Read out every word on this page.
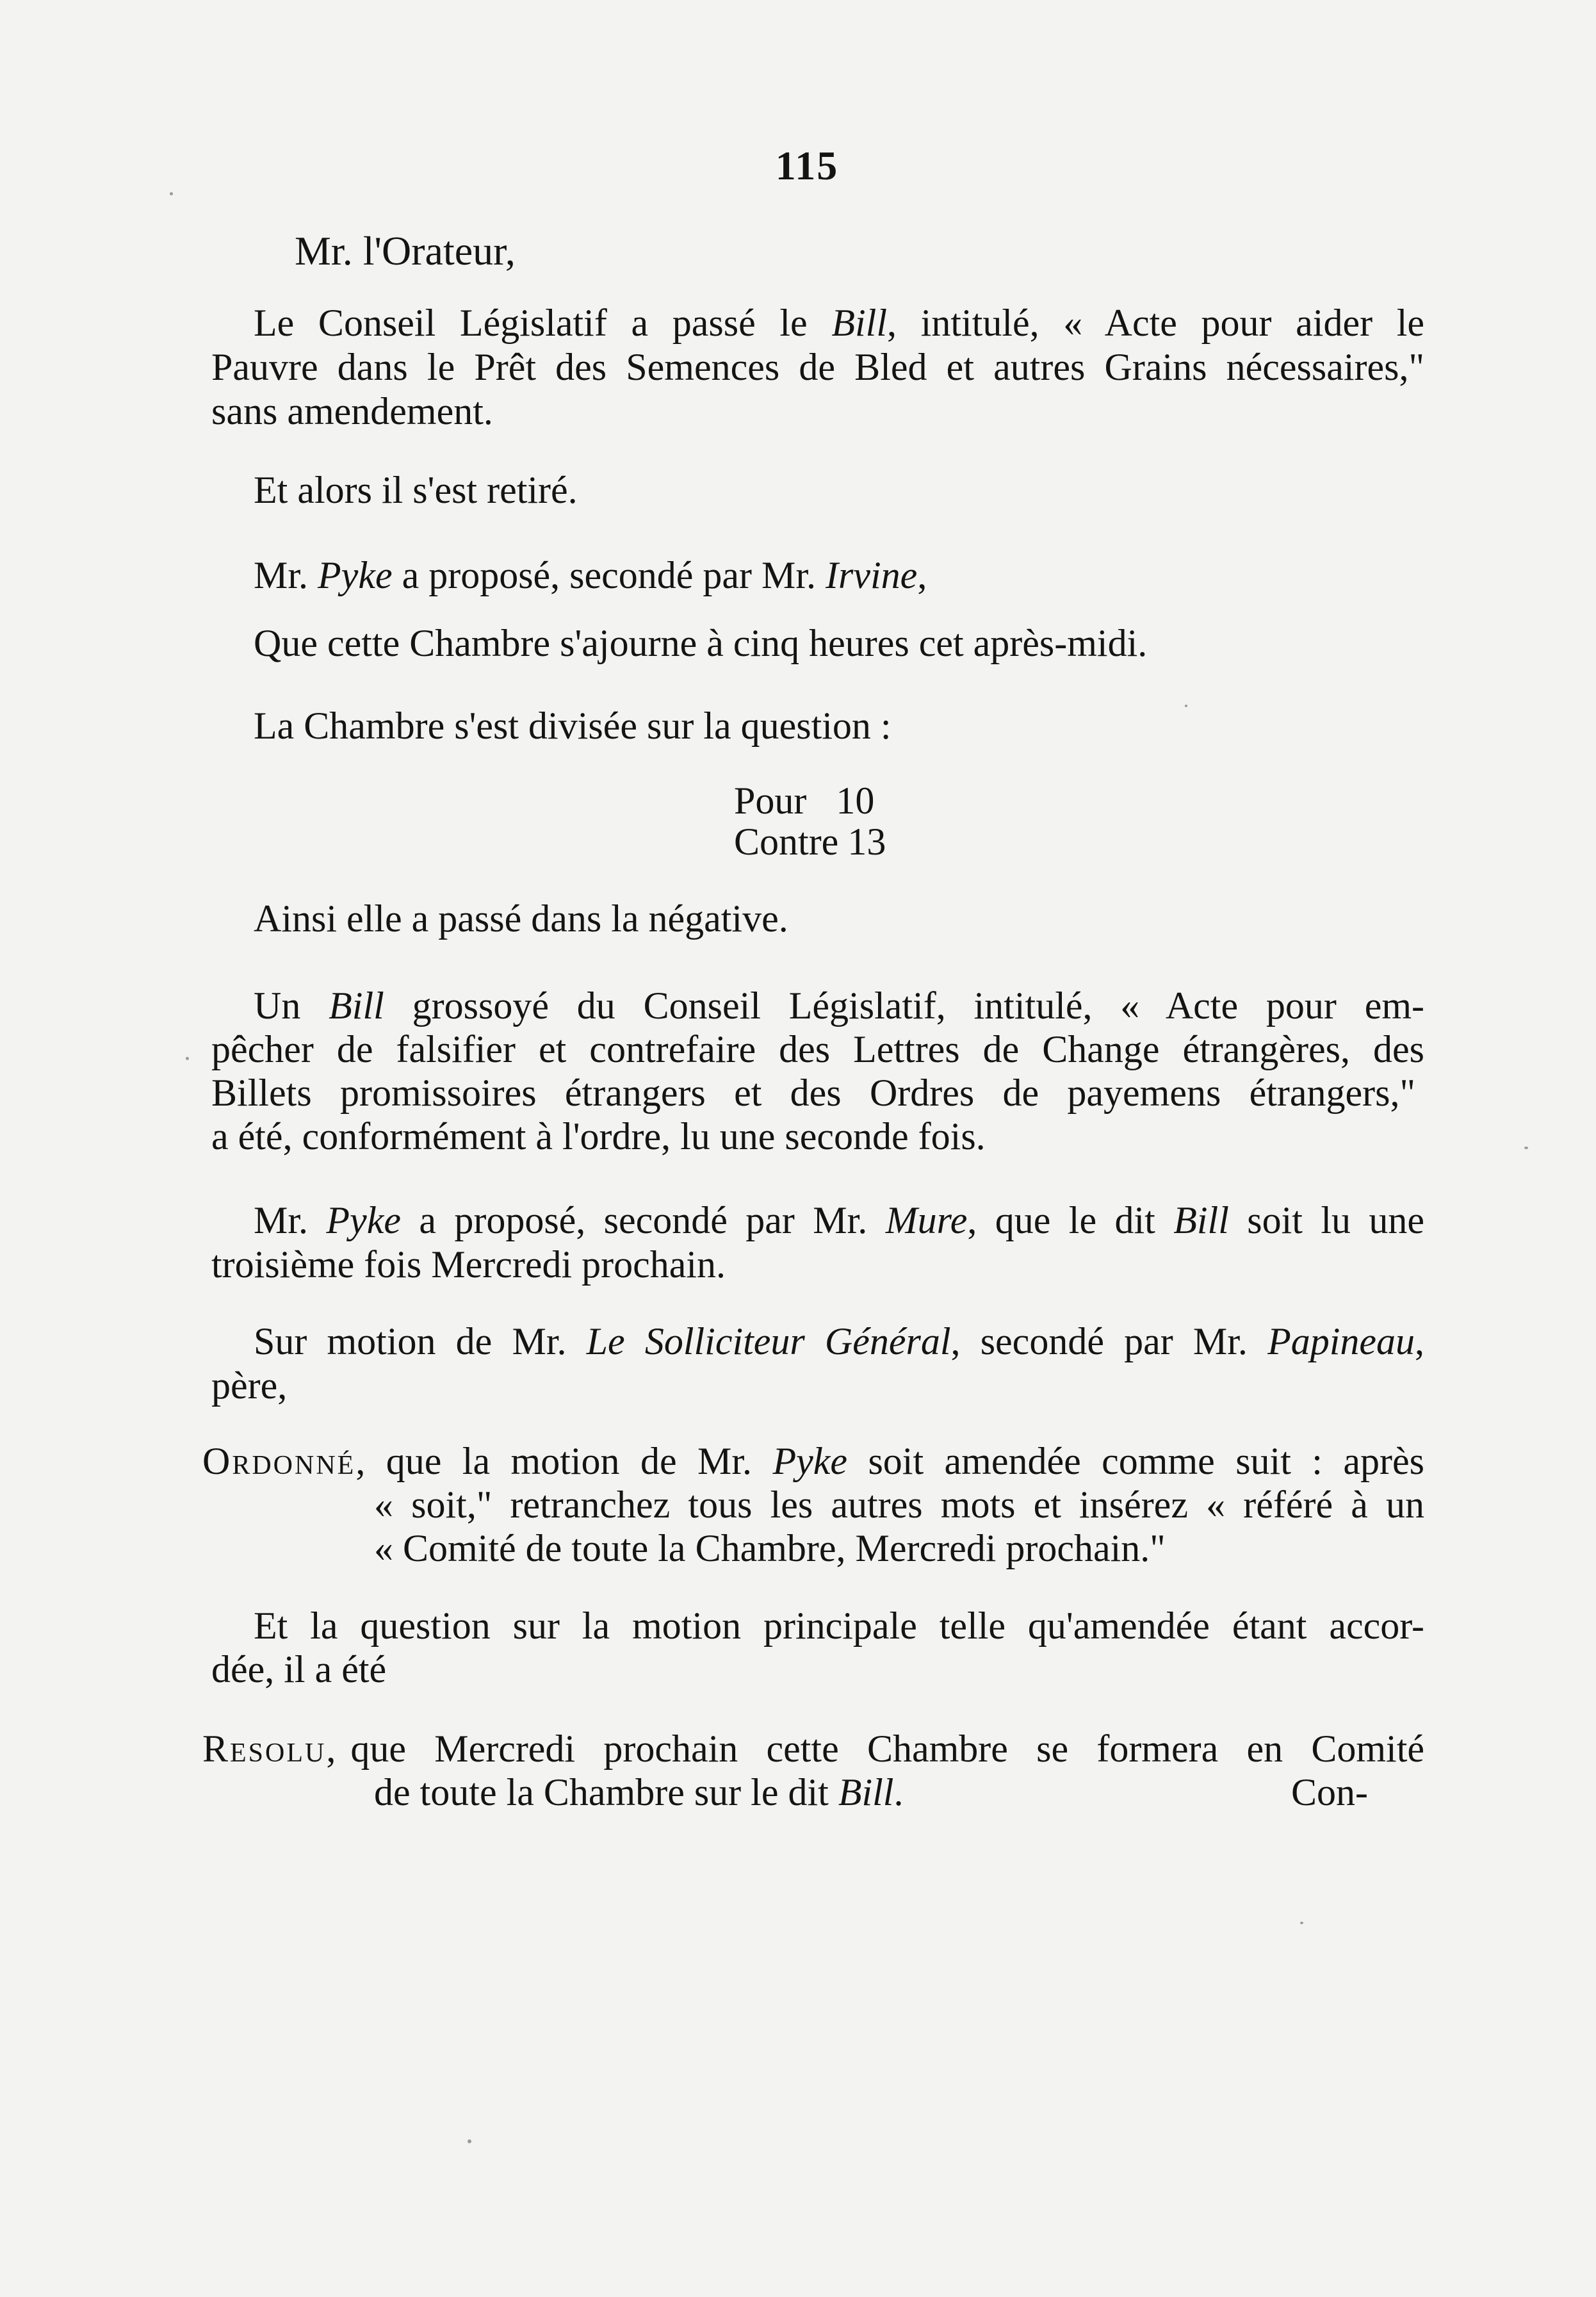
115
Mr. l'Orateur,
Le Conseil Législatif a passé le Bill, intitulé, « Acte pour aider le
Pauvre dans le Prêt des Semences de Bled et autres Grains nécessaires,"
sans amendement.
Et alors il s'est retiré.
Mr. Pyke a proposé, secondé par Mr. Irvine,
Que cette Chambre s'ajourne à cinq heures cet après-midi.
La Chambre s'est divisée sur la question :
Pour 10
Contre 13
Ainsi elle a passé dans la négative.
Un Bill grossoyé du Conseil Législatif, intitulé, « Acte pour em-
pêcher de falsifier et contrefaire des Lettres de Change étrangères, des
Billets promissoires étrangers et des Ordres de payemens étrangers,"
a été, conformément à l'ordre, lu une seconde fois.
Mr. Pyke a proposé, secondé par Mr. Mure, que le dit Bill soit lu une
troisième fois Mercredi prochain.
Sur motion de Mr. Le Solliciteur Général, secondé par Mr. Papineau,
père,
Ordonné, que la motion de Mr. Pyke soit amendée comme suit : après
« soit," retranchez tous les autres mots et insérez « référé à un
« Comité de toute la Chambre, Mercredi prochain."
Et la question sur la motion principale telle qu'amendée étant accor-
dée, il a été
Resolu, que Mercredi prochain cette Chambre se formera en Comité
de toute la Chambre sur le dit Bill.	Con-
